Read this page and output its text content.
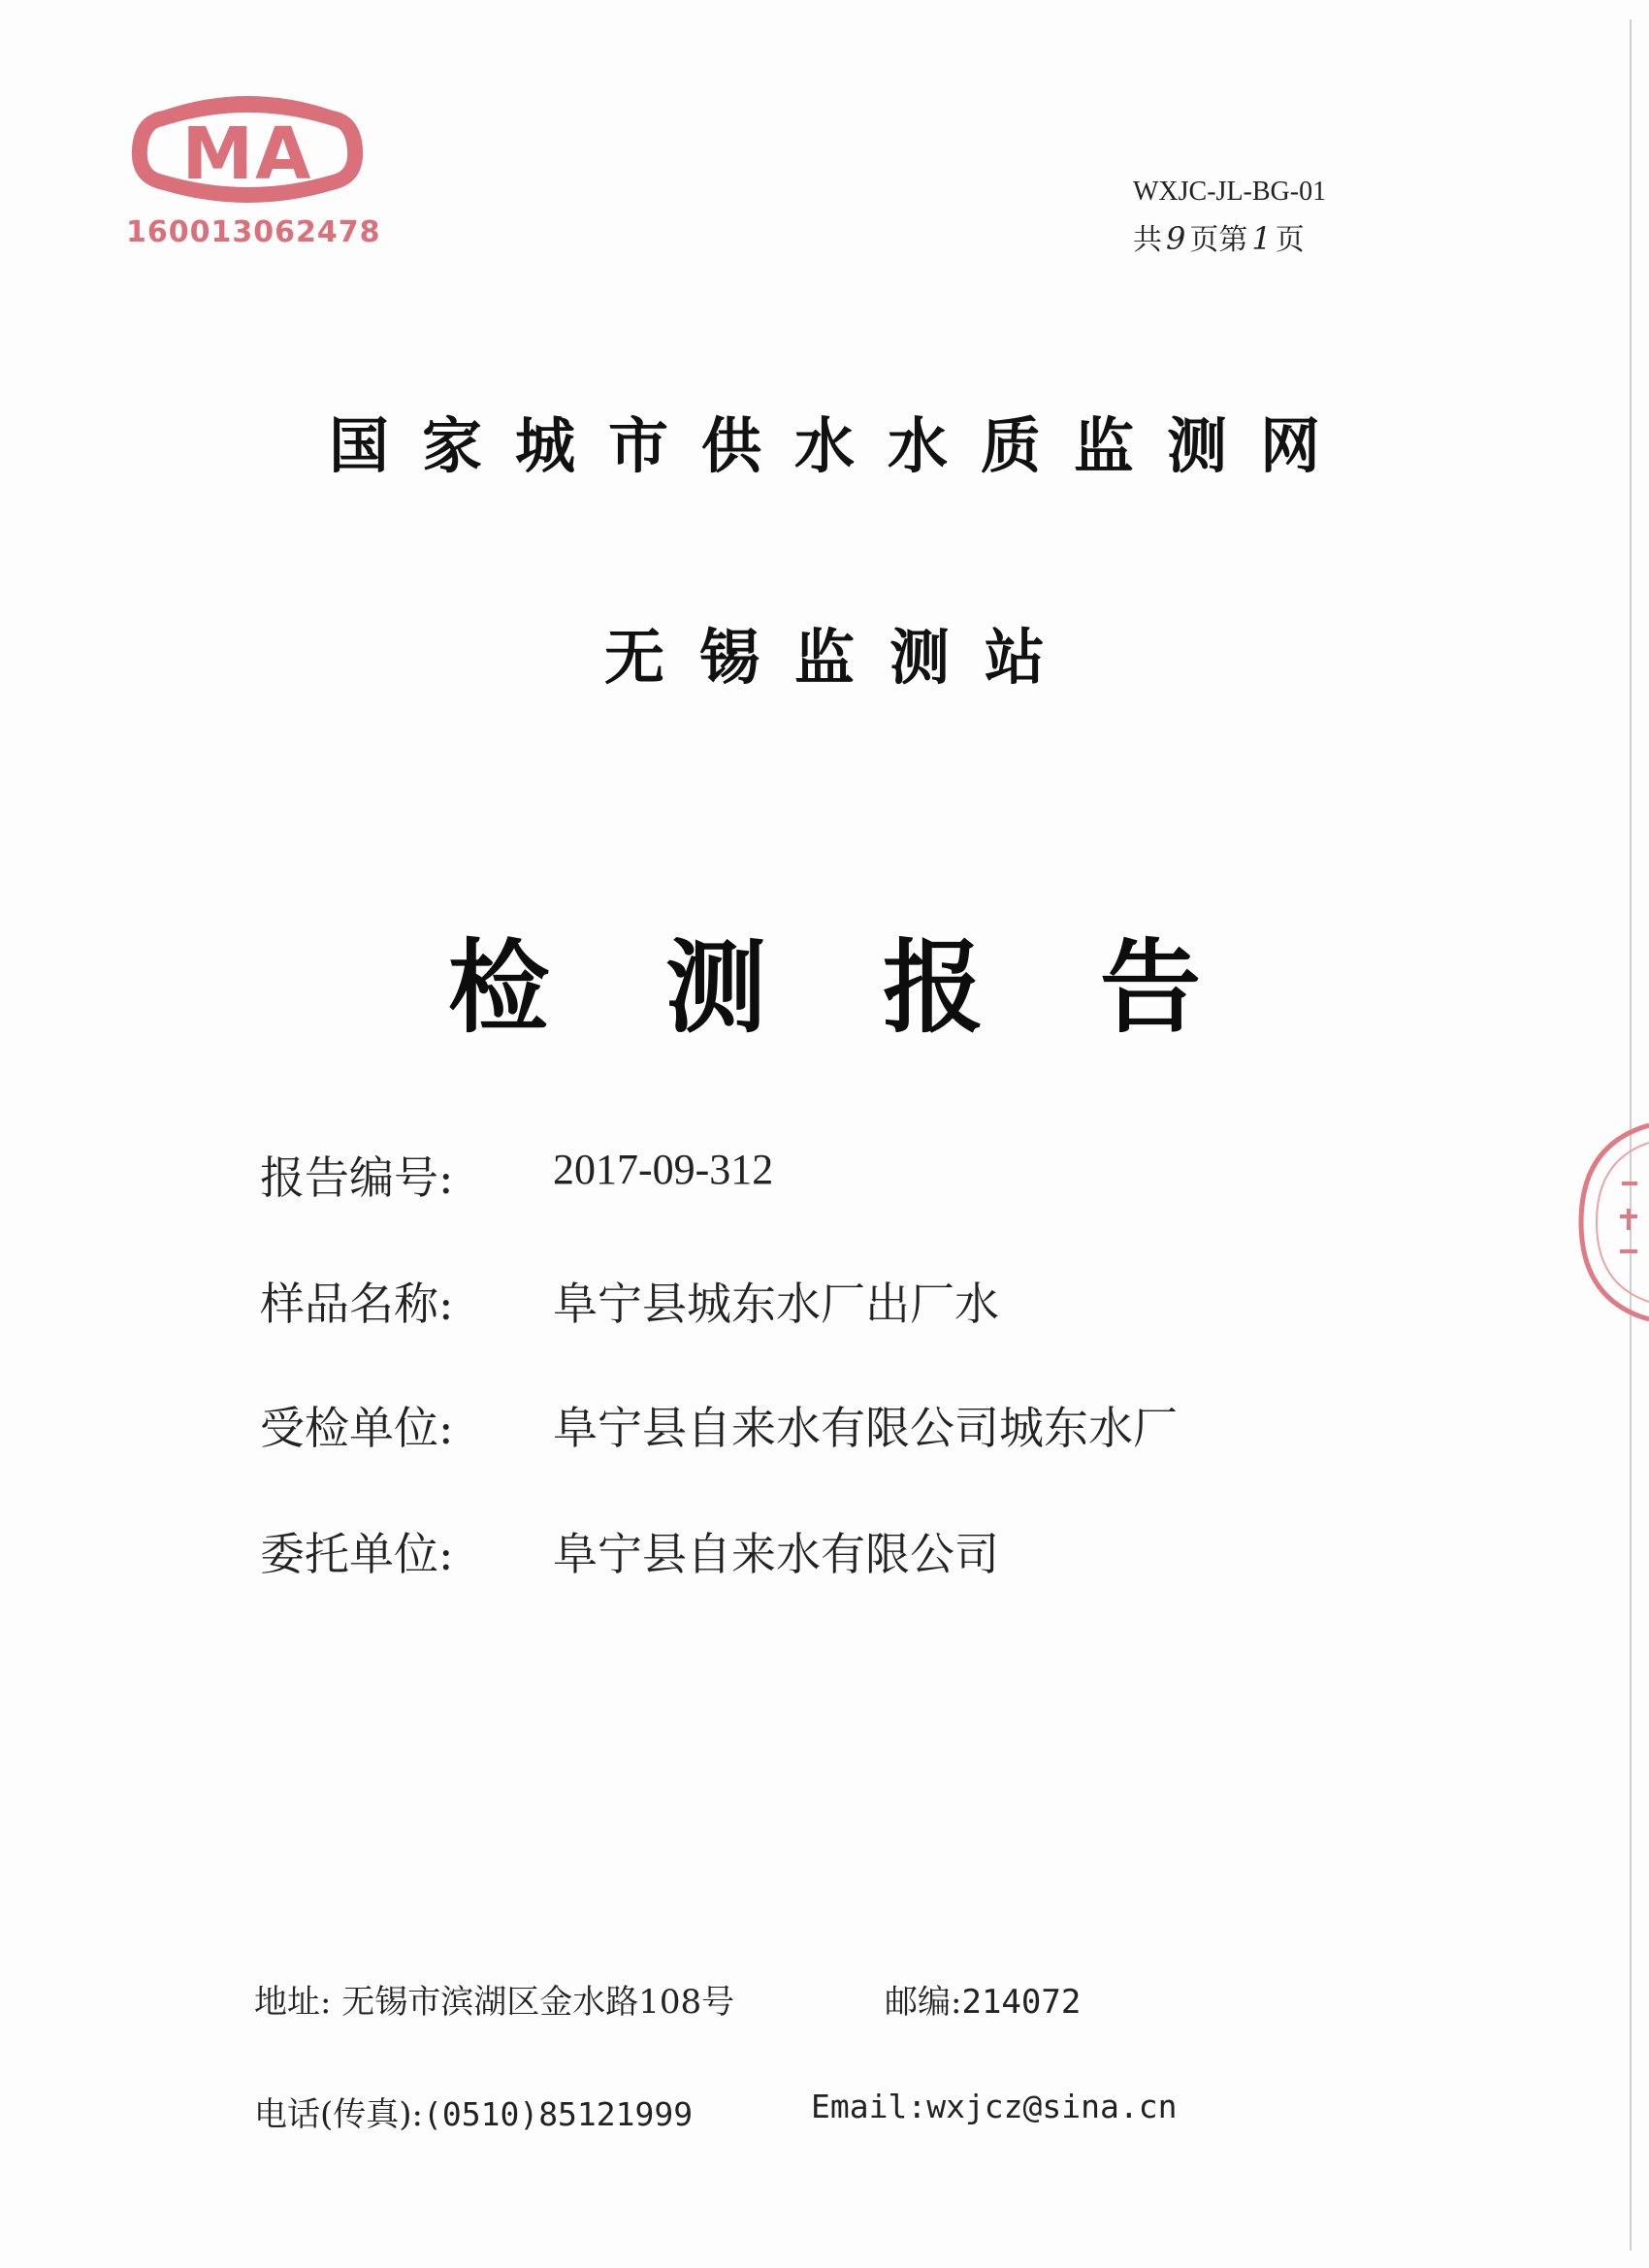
MA
160013062478
WXJC-JL-BG-01
共 9 页第 1 页
国家城市供水水质监测网
无锡监测站
检测报告
报告编号: 2017-09-312
样品名称: 阜宁县城东水厂出厂水
受检单位: 阜宁县自来水有限公司城东水厂
委托单位: 阜宁县自来水有限公司
地址: 无锡市滨湖区金水路108号	邮编:214072
电话(传真):(0510)85121999	Email:wxjcz@sina.cn
